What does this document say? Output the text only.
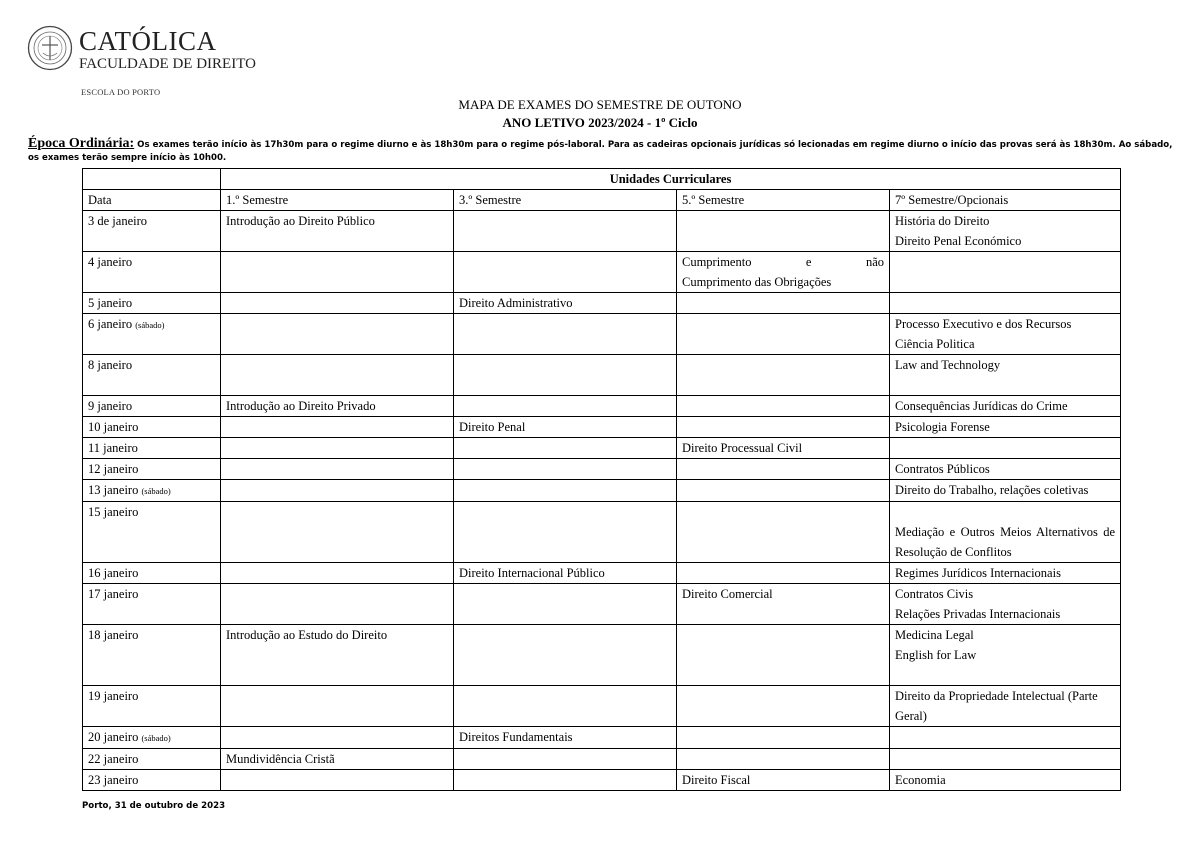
CATÓLICA
FACULDADE DE DIREITO
ESCOLA DO PORTO
MAPA DE EXAMES DO SEMESTRE DE OUTONO
ANO LETIVO 2023/2024 - 1º Ciclo
Época Ordinária: Os exames terão início às 17h30m para o regime diurno e às 18h30m para o regime pós-laboral. Para as cadeiras opcionais jurídicas só lecionadas em regime diurno o início das provas será às 18h30m. Ao sábado, os exames terão sempre início às 10h00.
	Unidades Curriculares			
Data	1.º Semestre	3.º Semestre	5.º Semestre	7º Semestre/Opcionais
3 de janeiro	Introdução ao Direito Público			História do Direito
Direito Penal Económico

4 janeiro			Cumprimento e não
Cumprimento das Obrigações	

5 janeiro		Direito Administrativo		

6 janeiro (sábado)				Processo Executivo e dos Recursos
Ciência Politica

8 janeiro				Law and Technology

9 janeiro	Introdução ao Direito Privado			Consequências Jurídicas do Crime

10 janeiro		Direito Penal		Psicologia Forense

11 janeiro			Direito Processual Civil	

12 janeiro				Contratos Públicos

13 janeiro (sábado)				Direito do Trabalho, relações coletivas
15 janeiro				Mediação e Outros Meios Alternativos de Resolução de Conflitos
16 janeiro		Direito Internacional Público		Regimes Jurídicos Internacionais

17 janeiro			Direito Comercial	Contratos Civis
Relações Privadas Internacionais

18 janeiro	Introdução ao Estudo do Direito			Medicina Legal
English for Law

19 janeiro				Direito da Propriedade Intelectual (Parte Geral)
20 janeiro (sábado)		Direitos Fundamentais		

22 janeiro	Mundividência Cristã			

23 janeiro			Direito Fiscal	Economia
Porto, 31 de outubro de 2023
